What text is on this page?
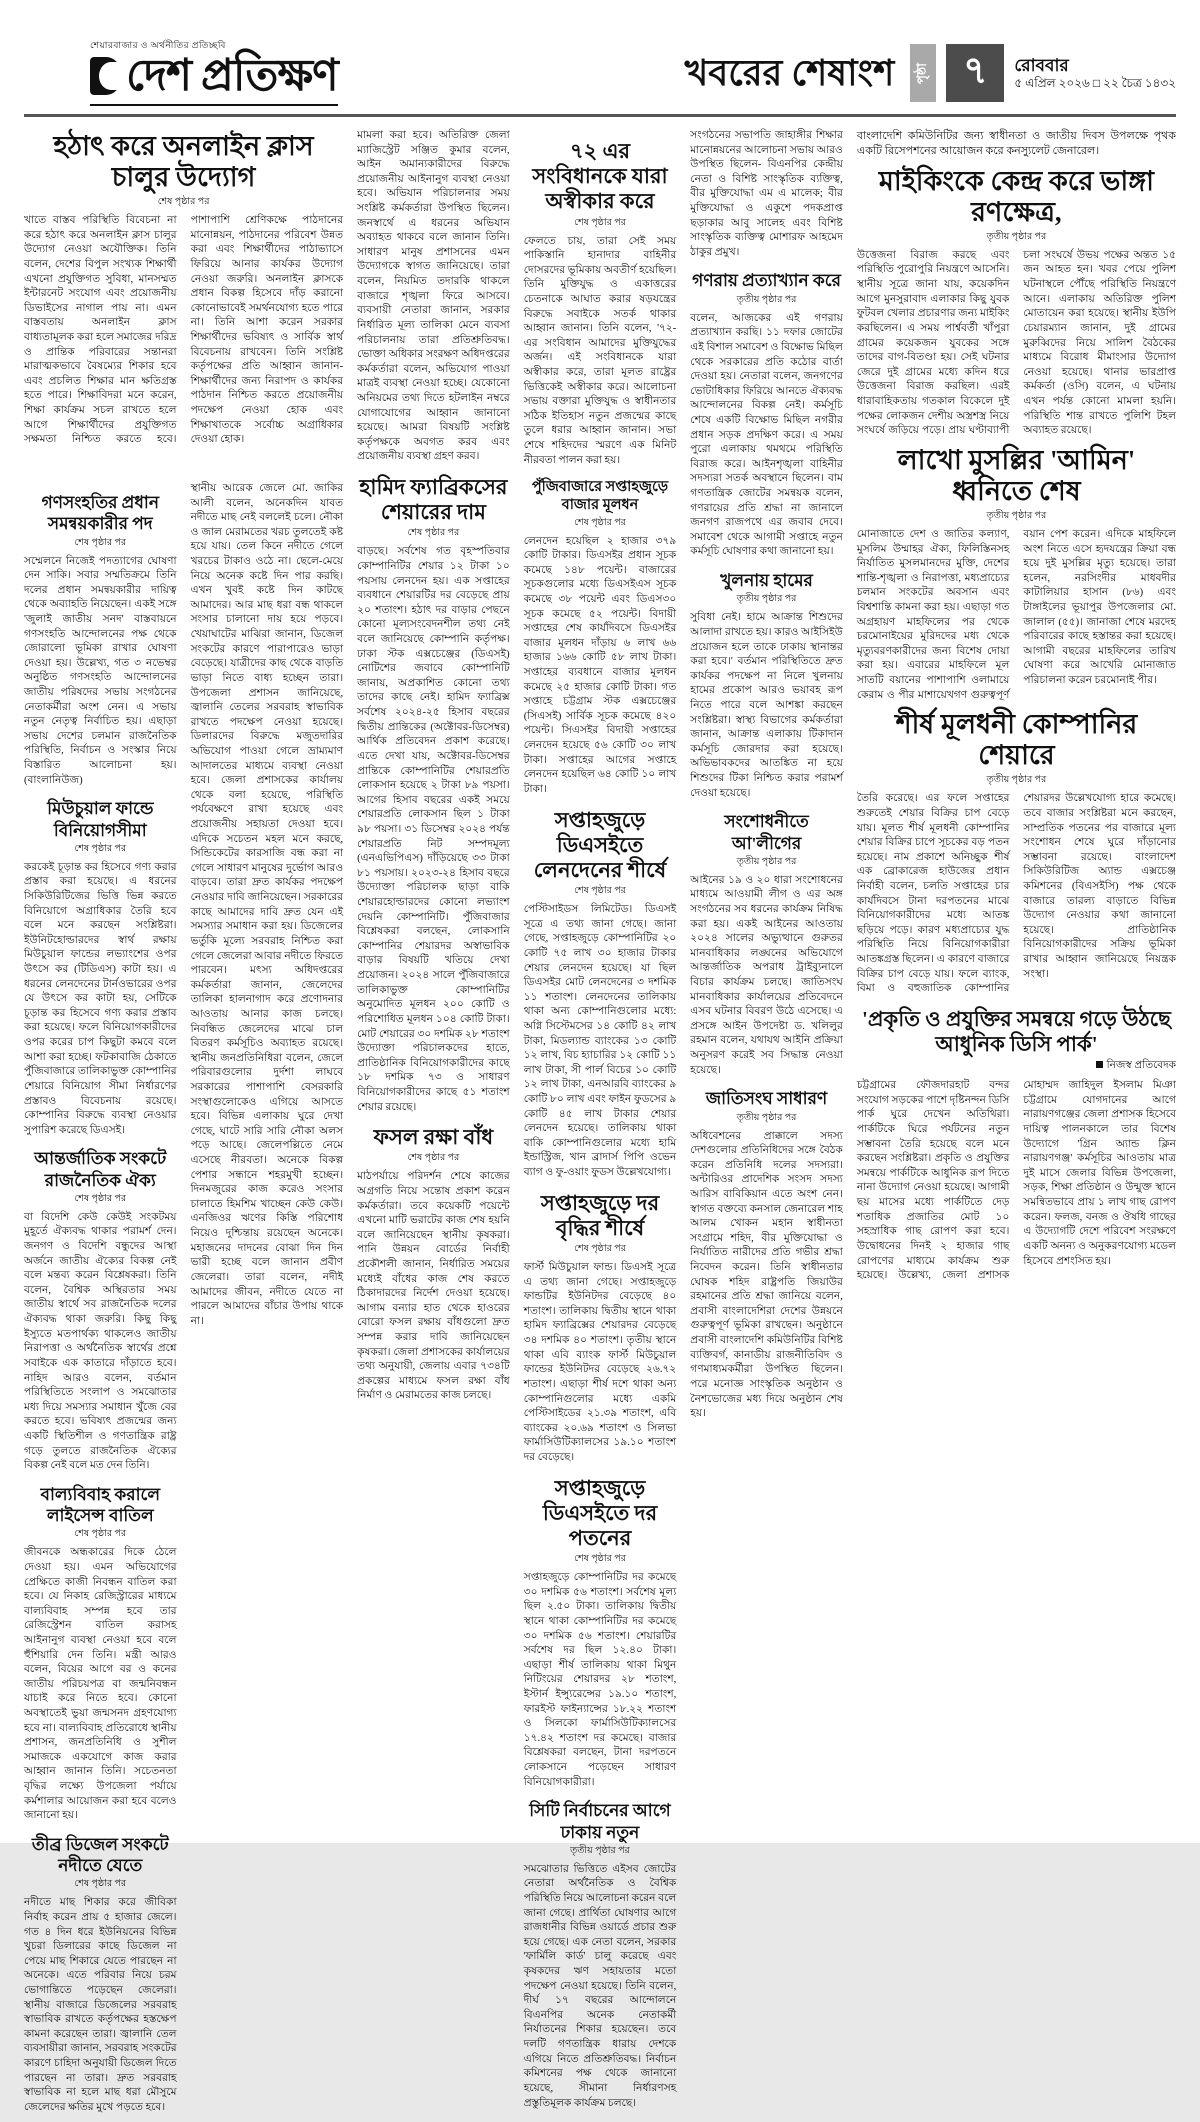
শেয়ারবাজার ও অর্থনীতির প্রতিচ্ছবি
দেশ প্রতিক্ষণ	খবরের শেষাংশ পৃষ্ঠা ৭	রোববার
৫ এপ্রিল ২০২৬ □ ২২ চৈত্র ১৪৩২
হঠাৎ করে অনলাইন ক্লাস চালুর উদ্যোগ
শেষ পৃষ্ঠার পর
খাতে বাস্তব পরিস্থিতি বিবেচনা না করে হঠাৎ করে অনলাইন ক্লাস চালুর উদ্যোগ নেওয়া অযৌক্তিক। তিনি বলেন, দেশের বিপুল সংখ্যক শিক্ষার্থী এখনো প্রযুক্তিগত সুবিধা, মানসম্মত ইন্টারনেট সংযোগ এবং প্রয়োজনীয় ডিভাইসের নাগাল পায় না। এমন বাস্তবতায় অনলাইন ক্লাস বাধ্যতামূলক করা হলে সমাজের দরিদ্র ও প্রান্তিক পরিবারের সন্তানরা মারাত্মকভাবে বৈষম্যের শিকার হবে এবং প্রচলিত শিক্ষার মান ক্ষতিগ্রস্ত হতে পারে। শিক্ষাবিদরা মনে করেন, শিক্ষা কার্যক্রম সচল রাখতে হলে আগে শিক্ষার্থীদের প্রযুক্তিগত সক্ষমতা নিশ্চিত করতে হবে। পাশাপাশি শ্রেণিকক্ষে পাঠদানের মানোন্নয়ন, পাঠদানের পরিবেশ উন্নত করা এবং শিক্ষার্থীদের পাঠাভ্যাসে ফিরিয়ে আনার কার্যকর উদ্যোগ নেওয়া জরুরি। অনলাইন ক্লাসকে প্রধান বিকল্প হিসেবে দাঁড় করানো কোনোভাবেই সমর্থনযোগ্য হতে পারে না। তিনি আশা করেন সরকার শিক্ষার্থীদের ভবিষ্যৎ ও সার্বিক স্বার্থ বিবেচনায় রাখবেন। তিনি সংশ্লিষ্ট কর্তৃপক্ষের প্রতি আহ্বান জানান- শিক্ষার্থীদের জন্য নিরাপদ ও কার্যকর পাঠদান নিশ্চিত করতে প্রয়োজনীয় পদক্ষেপ নেওয়া হোক এবং শিক্ষাখাতকে সর্বোচ্চ অগ্রাধিকার দেওয়া হোক।
গণসংহতির প্রধান সমন্বয়কারীর পদ
শেষ পৃষ্ঠার পর
সম্মেলনে নিজেই পদত্যাগের ঘোষণা দেন সাকি। সবার সম্মতিক্রমে তিনি দলের প্রধান সমন্বয়কারীর দায়িত্ব থেকে অব্যাহতি নিয়েছেন। একই সঙ্গে 'জুলাই জাতীয় সনদ' বাস্তবায়নে গণসংহতি আন্দোলনের পক্ষ থেকে জোরালো ভূমিকা রাখার ঘোষণা দেওয়া হয়। উল্লেখ্য, গত ৩ নভেম্বর অনুষ্ঠিত গণসংহতি আন্দোলনের জাতীয় পরিষদের সভায় সংগঠনের নেতাকর্মীরা অংশ নেন। এ সভায় নতুন নেতৃত্ব নির্বাচিত হয়। এছাড়া সভায় দেশের চলমান রাজনৈতিক পরিস্থিতি, নির্বাচন ও সংস্কার নিয়ে বিস্তারিত আলোচনা হয়। (বাংলানিউজ)
মিউচুয়াল ফান্ডে বিনিয়োগসীমা
শেষ পৃষ্ঠার পর
করকেই চূড়ান্ত কর হিসেবে গণ্য করার প্রস্তাব করা হয়েছে। এ ধরনের সিকিউরিটিজের ভিত্তি ভিন্ন করতে বিনিয়োগে অগ্রাধিকার তৈরি হবে বলে মনে করছেন সংশ্লিষ্টরা। ইউনিটহোল্ডারদের স্বার্থ রক্ষায় মিউচুয়াল ফান্ডের লভ্যাংশের ওপর উৎসে কর (টিডিএস) কাটা হয়। এ ধরনের লেনদেনের টার্নওভারের ওপর যে উৎসে কর কাটা হয়, সেটিকে চূড়ান্ত কর হিসেবে গণ্য করার প্রস্তাব করা হয়েছে। ফলে বিনিয়োগকারীদের ওপর করের চাপ কিছুটা কমবে বলে আশা করা হচ্ছে। ফটকাবাজি ঠেকাতে পুঁজিবাজারে তালিকাভুক্ত কোম্পানির শেয়ারে বিনিয়োগ সীমা নির্ধারণের প্রস্তাবও বিবেচনায় রয়েছে। কোম্পানির বিরুদ্ধে ব্যবস্থা নেওয়ার সুপারিশ করেছে ডিএসই।
আন্তর্জাতিক সংকটে রাজনৈতিক ঐক্য
শেষ পৃষ্ঠার পর
বা বিদেশি কেউ কেউই সংকটময় মুহূর্তে ঐক্যবদ্ধ থাকার পরামর্শ দেন। জনগণ ও বিদেশি বন্ধুদের আস্থা অর্জনে জাতীয় ঐক্যের বিকল্প নেই বলে মন্তব্য করেন বিশ্লেষকরা। তিনি বলেন, বৈশ্বিক অস্থিরতার সময় জাতীয় স্বার্থে সব রাজনৈতিক দলের ঐক্যবদ্ধ থাকা জরুরি। কিছু কিছু ইস্যুতে মতপার্থক্য থাকলেও জাতীয় নিরাপত্তা ও অর্থনৈতিক স্বার্থের প্রশ্নে সবাইকে এক কাতারে দাঁড়াতে হবে। নাহিদ আরও বলেন, বর্তমান পরিস্থিতিতে সংলাপ ও সমঝোতার মধ্য দিয়ে সমস্যার সমাধান খুঁজে বের করতে হবে। ভবিষ্যৎ প্রজন্মের জন্য একটি স্থিতিশীল ও গণতান্ত্রিক রাষ্ট্র গড়ে তুলতে রাজনৈতিক ঐক্যের বিকল্প নেই বলে মত দেন তিনি।
বাল্যবিবাহ করালে লাইসেন্স বাতিল
শেষ পৃষ্ঠার পর
জীবনকে অন্ধকারের দিকে ঠেলে দেওয়া হয়। এমন অভিযোগের প্রেক্ষিতে কাজী নিবন্ধন বাতিল করা হবে। যে নিকাহ রেজিস্ট্রারের মাধ্যমে বাল্যবিবাহ সম্পন্ন হবে তার রেজিস্ট্রেশন বাতিল করাসহ আইনানুগ ব্যবস্থা নেওয়া হবে বলে হুঁশিয়ারি দেন তিনি। মন্ত্রী আরও বলেন, বিয়ের আগে বর ও কনের জাতীয় পরিচয়পত্র বা জন্মনিবন্ধন যাচাই করে নিতে হবে। কোনো অবস্থাতেই ভুয়া জন্মসনদ গ্রহণযোগ্য হবে না। বাল্যবিবাহ প্রতিরোধে স্থানীয় প্রশাসন, জনপ্রতিনিধি ও সুশীল সমাজকে একযোগে কাজ করার আহ্বান জানান তিনি। সচেতনতা বৃদ্ধির লক্ষ্যে উপজেলা পর্যায়ে কর্মশালার আয়োজন করা হবে বলেও জানানো হয়।
তীব্র ডিজেল সংকটে নদীতে যেতে
শেষ পৃষ্ঠার পর
নদীতে মাছ শিকার করে জীবিকা নির্বাহ করেন প্রায় ৫ হাজার জেলে। গত ৪ দিন ধরে ইউনিয়নের বিভিন্ন খুচরা ডিলারের কাছে ডিজেল না পেয়ে মাছ শিকারে যেতে পারছেন না অনেকে। এতে পরিবার নিয়ে চরম ভোগান্তিতে পড়েছেন জেলেরা। স্থানীয় বাজারে ডিজেলের সরবরাহ স্বাভাবিক রাখতে কর্তৃপক্ষের হস্তক্ষেপ কামনা করেছেন তারা। জ্বালানি তেল ব্যবসায়ীরা জানান, সরবরাহ সংকটের কারণে চাহিদা অনুযায়ী ডিজেল দিতে পারছেন না তারা। দ্রুত সরবরাহ স্বাভাবিক না হলে মাছ ধরা মৌসুমে জেলেদের ক্ষতির মুখে পড়তে হবে।
স্থানীয় আরেক জেলে মো. জাকির আলী বলেন, অনেকদিন যাবত নদীতে মাছ নেই বললেই চলে। নৌকা ও জাল মেরামতের খরচ তুলতেই কষ্ট হয়ে যায়। তেল কিনে নদীতে গেলে খরচের টাকাও ওঠে না। ছেলে-মেয়ে নিয়ে অনেক কষ্টে দিন পার করছি। এখন খুবই কষ্টে দিন কাটছে আমাদের। আর মাছ ধরা বন্ধ থাকলে সংসার চালানো দায় হয়ে পড়বে। খেয়াঘাটের মাঝিরা জানান, ডিজেল সংকটের কারণে পারাপারেও ভাড়া বেড়েছে। যাত্রীদের কাছ থেকে বাড়তি ভাড়া নিতে বাধ্য হচ্ছেন তারা। উপজেলা প্রশাসন জানিয়েছে, জ্বালানি তেলের সরবরাহ স্বাভাবিক রাখতে পদক্ষেপ নেওয়া হয়েছে। ডিলারদের বিরুদ্ধে মজুতদারির অভিযোগ পাওয়া গেলে ভ্রাম্যমাণ আদালতের মাধ্যমে ব্যবস্থা নেওয়া হবে। জেলা প্রশাসকের কার্যালয় থেকে বলা হয়েছে, পরিস্থিতি পর্যবেক্ষণে রাখা হয়েছে এবং প্রয়োজনীয় সহায়তা দেওয়া হবে। এদিকে সচেতন মহল মনে করছে, সিন্ডিকেটের কারসাজি বন্ধ করা না গেলে সাধারণ মানুষের দুর্ভোগ আরও বাড়বে। তারা দ্রুত কার্যকর পদক্ষেপ নেওয়ার দাবি জানিয়েছেন। সরকারের কাছে আমাদের দাবি দ্রুত যেন এই সমস্যার সমাধান করা হয়। ডিজেলের ভর্তুকি মূল্যে সরবরাহ নিশ্চিত করা গেলে জেলেরা আবার নদীতে ফিরতে পারবেন। মৎস্য অধিদপ্তরের কর্মকর্তারা জানান, জেলেদের তালিকা হালনাগাদ করে প্রণোদনার আওতায় আনার কাজ চলছে। নিবন্ধিত জেলেদের মাঝে চাল বিতরণ কর্মসূচিও অব্যাহত রয়েছে। স্থানীয় জনপ্রতিনিধিরা বলেন, জেলে পরিবারগুলোর দুর্দশা লাঘবে সরকারের পাশাপাশি বেসরকারি সংস্থাগুলোকেও এগিয়ে আসতে হবে। বিভিন্ন এলাকায় ঘুরে দেখা গেছে, ঘাটে সারি সারি নৌকা অলস পড়ে আছে। জেলেপল্লিতে নেমে এসেছে নীরবতা। অনেকে বিকল্প পেশার সন্ধানে শহরমুখী হচ্ছেন। দিনমজুরের কাজ করেও সংসার চালাতে হিমশিম খাচ্ছেন কেউ কেউ। এনজিওর ঋণের কিস্তি পরিশোধ নিয়েও দুশ্চিন্তায় রয়েছেন অনেকে। মহাজনের দাদনের বোঝা দিন দিন ভারী হচ্ছে বলে জানান প্রবীণ জেলেরা। তারা বলেন, নদীই আমাদের জীবন, নদীতে যেতে না পারলে আমাদের বাঁচার উপায় থাকে না।
মামলা করা হবে। অতিরিক্ত জেলা ম্যাজিস্ট্রেট সঞ্জিত কুমার বলেন, আইন অমান্যকারীদের বিরুদ্ধে প্রয়োজনীয় আইনানুগ ব্যবস্থা নেওয়া হবে। অভিযান পরিচালনার সময় সংশ্লিষ্ট কর্মকর্তারা উপস্থিত ছিলেন। জনস্বার্থে এ ধরনের অভিযান অব্যাহত থাকবে বলে জানান তিনি। সাধারণ মানুষ প্রশাসনের এমন উদ্যোগকে স্বাগত জানিয়েছে। তারা বলেন, নিয়মিত তদারকি থাকলে বাজারে শৃঙ্খলা ফিরে আসবে। ব্যবসায়ী নেতারা জানান, সরকার নির্ধারিত মূল্য তালিকা মেনে ব্যবসা পরিচালনায় তারা প্রতিশ্রুতিবদ্ধ। ভোক্তা অধিকার সংরক্ষণ অধিদপ্তরের কর্মকর্তারা বলেন, অভিযোগ পাওয়া মাত্রই ব্যবস্থা নেওয়া হচ্ছে। যেকোনো অনিয়মের তথ্য দিতে হটলাইন নম্বরে যোগাযোগের আহ্বান জানানো হয়েছে। আমরা বিষয়টি সংশ্লিষ্ট কর্তৃপক্ষকে অবগত করব এবং প্রয়োজনীয় ব্যবস্থা গ্রহণ করব।
হামিদ ফ্যাব্রিকসের শেয়ারের দাম
শেষ পৃষ্ঠার পর
বাড়ছে। সর্বশেষ গত বৃহস্পতিবার কোম্পানিটির শেয়ার ১২ টাকা ১০ পয়সায় লেনদেন হয়। এক সপ্তাহের ব্যবধানে শেয়ারটির দর বেড়েছে প্রায় ২০ শতাংশ। হঠাৎ দর বাড়ার পেছনে কোনো মূল্যসংবেদনশীল তথ্য নেই বলে জানিয়েছে কোম্পানি কর্তৃপক্ষ। ঢাকা স্টক এক্সচেঞ্জের (ডিএসই) নোটিশের জবাবে কোম্পানিটি জানায়, অপ্রকাশিত কোনো তথ্য তাদের কাছে নেই। হামিদ ফ্যাব্রিক্স সর্বশেষ ২০২৪-২৫ হিসাব বছরের দ্বিতীয় প্রান্তিকের (অক্টোবর-ডিসেম্বর) আর্থিক প্রতিবেদন প্রকাশ করেছে। এতে দেখা যায়, অক্টোবর-ডিসেম্বর প্রান্তিকে কোম্পানিটির শেয়ারপ্রতি লোকসান হয়েছে ২ টাকা ৮৯ পয়সা। আগের হিসাব বছরের একই সময়ে শেয়ারপ্রতি লোকসান ছিল ১ টাকা ৯৮ পয়সা। ৩১ ডিসেম্বর ২০২৪ পর্যন্ত শেয়ারপ্রতি নিট সম্পদমূল্য (এনএভিপিএস) দাঁড়িয়েছে ৩৩ টাকা ৮১ পয়সায়। ২০২৩-২৪ হিসাব বছরে উদ্যোক্তা পরিচালক ছাড়া বাকি শেয়ারহোল্ডারদের কোনো লভ্যাংশ দেয়নি কোম্পানিটি। পুঁজিবাজার বিশ্লেষকরা বলছেন, লোকসানি কোম্পানির শেয়ারদর অস্বাভাবিক বাড়ার বিষয়টি খতিয়ে দেখা প্রয়োজন। ২০২৪ সালে পুঁজিবাজারে তালিকাভুক্ত কোম্পানিটির অনুমোদিত মূলধন ২০০ কোটি ও পরিশোধিত মূলধন ১০৪ কোটি টাকা। মোট শেয়ারের ৩০ দশমিক ২৮ শতাংশ উদ্যোক্তা পরিচালকদের হাতে, প্রাতিষ্ঠানিক বিনিয়োগকারীদের কাছে ১৮ দশমিক ৭৩ ও সাধারণ বিনিয়োগকারীদের কাছে ৫১ শতাংশ শেয়ার রয়েছে।
ফসল রক্ষা বাঁধ
শেষ পৃষ্ঠার পর
মাঠপর্যায়ে পরিদর্শন শেষে কাজের অগ্রগতি নিয়ে সন্তোষ প্রকাশ করেন কর্মকর্তারা। তবে কয়েকটি পয়েন্টে এখনো মাটি ভরাটের কাজ শেষ হয়নি বলে জানিয়েছেন স্থানীয় কৃষকরা। পানি উন্নয়ন বোর্ডের নির্বাহী প্রকৌশলী জানান, নির্ধারিত সময়ের মধ্যেই বাঁধের কাজ শেষ করতে ঠিকাদারদের নির্দেশ দেওয়া হয়েছে। আগাম বন্যার হাত থেকে হাওরের বোরো ফসল রক্ষায় বাঁধগুলো দ্রুত সম্পন্ন করার দাবি জানিয়েছেন কৃষকরা। জেলা প্রশাসকের কার্যালয়ের তথ্য অনুযায়ী, জেলায় এবার ৭৩৪টি প্রকল্পের মাধ্যমে ফসল রক্ষা বাঁধ নির্মাণ ও মেরামতের কাজ চলছে।
৭২ এর সংবিধানকে যারা অস্বীকার করে
শেষ পৃষ্ঠার পর
ফেলতে চায়, তারা সেই সময় পাকিস্তানি হানাদার বাহিনীর দোসরদের ভূমিকায় অবতীর্ণ হয়েছিল। তিনি মুক্তিযুদ্ধ ও একাত্তরের চেতনাকে আঘাত করার ষড়যন্ত্রের বিরুদ্ধে সবাইকে সতর্ক থাকার আহ্বান জানান। তিনি বলেন, '৭২-এর সংবিধান আমাদের মুক্তিযুদ্ধের অর্জন। এই সংবিধানকে যারা অস্বীকার করে, তারা মূলত রাষ্ট্রের ভিত্তিকেই অস্বীকার করে। আলোচনা সভায় বক্তারা মুক্তিযুদ্ধ ও স্বাধীনতার সঠিক ইতিহাস নতুন প্রজন্মের কাছে তুলে ধরার আহ্বান জানান। সভা শেষে শহিদদের স্মরণে এক মিনিট নীরবতা পালন করা হয়।
পুঁজিবাজারে সপ্তাহজুড়ে বাজার মূলধন
শেষ পৃষ্ঠার পর
লেনদেন হয়েছিল ২ হাজার ৩৭৯ কোটি টাকার। ডিএসইর প্রধান সূচক কমেছে ১৪৮ পয়েন্ট। বাজারের সূচকগুলোর মধ্যে ডিএসইএস সূচক কমেছে ৩৮ পয়েন্ট এবং ডিএস৩০ সূচক কমেছে ৫২ পয়েন্ট। বিদায়ী সপ্তাহের শেষ কার্যদিবসে ডিএসইর বাজার মূলধন দাঁড়ায় ৬ লাখ ৬৬ হাজার ১৬৬ কোটি ৫৮ লাখ টাকা। সপ্তাহের ব্যবধানে বাজার মূলধন কমেছে ২৫ হাজার কোটি টাকা। গত সপ্তাহে চট্টগ্রাম স্টক এক্সচেঞ্জের (সিএসই) সার্বিক সূচক কমেছে ৪২০ পয়েন্ট। সিএসইর বিদায়ী সপ্তাহের লেনদেন হয়েছে ৫৬ কোটি ৩০ লাখ টাকা। সপ্তাহের আগের সপ্তাহে লেনদেন হয়েছিল ৬৪ কোটি ১০ লাখ টাকা।
সপ্তাহজুড়ে ডিএসইতে লেনদেনের শীর্ষে
শেষ পৃষ্ঠার পর
পেস্টিসাইডস লিমিটেড। ডিএসই সূত্রে এ তথ্য জানা গেছে। জানা গেছে, সপ্তাহজুড়ে কোম্পানিটির ২০ কোটি ৭৫ লাখ ৩০ হাজার টাকার শেয়ার লেনদেন হয়েছে। যা ছিল ডিএসইর মোট লেনদেনের ৩ দশমিক ১১ শতাংশ। লেনদেনের তালিকায় থাকা অন্য কোম্পানিগুলোর মধ্যে: অগ্নি সিস্টেমসের ১৪ কোটি ৪২ লাখ টাকা, মিডল্যান্ড ব্যাংকের ১৩ কোটি ১২ লাখ, বিচ হ্যাচারির ১২ কোটি ১১ লাখ টাকা, সী পার্ল বিচের ১০ কোটি ১২ লাখ টাকা, এনআরবি ব্যাংকের ৯ কোটি ৮০ লাখ এবং ফাইন ফুডসের ৯ কোটি ৪৫ লাখ টাকার শেয়ার লেনদেন হয়েছে। তালিকায় থাকা বাকি কোম্পানিগুলোর মধ্যে হামি ইন্ডাস্ট্রিজ, খান ব্রাদার্স পিপি ওভেন ব্যাগ ও ফু-ওয়াং ফুডস উল্লেখযোগ্য।
সপ্তাহজুড়ে দর বৃদ্ধির শীর্ষে
শেষ পৃষ্ঠার পর
ফার্স্ট মিউচুয়াল ফান্ড। ডিএসই সূত্রে এ তথ্য জানা গেছে। সপ্তাহজুড়ে ফান্ডটির ইউনিটদর বেড়েছে ৪০ শতাংশ। তালিকায় দ্বিতীয় স্থানে থাকা হামিদ ফ্যাব্রিক্সের শেয়ারদর বেড়েছে ৩৪ দশমিক ৪০ শতাংশ। তৃতীয় স্থানে থাকা এবি ব্যাংক ফার্স্ট মিউচুয়াল ফান্ডের ইউনিটদর বেড়েছে ২৬.৭২ শতাংশ। এছাড়া শীর্ষ দশে থাকা অন্য কোম্পানিগুলোর মধ্যে একমি পেস্টিসাইডের ২১.৩৯ শতাংশ, এবি ব্যাংকের ২০.৬৯ শতাংশ ও সিলভা ফার্মাসিউটিক্যালসের ১৯.১০ শতাংশ দর বেড়েছে।
সপ্তাহজুড়ে ডিএসইতে দর পতনের
শেষ পৃষ্ঠার পর
সপ্তাহজুড়ে কোম্পানিটির দর কমেছে ৩০ দশমিক ৫৬ শতাংশ। সর্বশেষ মূল্য ছিল ২.৫০ টাকা। তালিকায় দ্বিতীয় স্থানে থাকা কোম্পানিটির দর কমেছে ৩০ দশমিক ৫৬ শতাংশ। শেয়ারটির সর্বশেষ দর ছিল ১২.৪০ টাকা। এছাড়া শীর্ষ তালিকায় থাকা মিথুন নিটিংয়ের শেয়ারদর ২৮ শতাংশ, ইস্টার্ন ইন্স্যুরেন্সের ১৯.১০ শতাংশ, ফারইস্ট ফাইন্যান্সের ১৮.২২ শতাংশ ও সিলকো ফার্মাসিউটিক্যালসের ১৭.৪২ শতাংশ দর কমেছে। বাজার বিশ্লেষকরা বলছেন, টানা দরপতনে লোকসানে পড়েছেন সাধারণ বিনিয়োগকারীরা।
সিটি নির্বাচনের আগে ঢাকায় নতুন
তৃতীয় পৃষ্ঠার পর
সমঝোতার ভিত্তিতে এইসব জোটের নেতারা অর্থনৈতিক ও বৈশ্বিক পরিস্থিতি নিয়ে আলোচনা করেন বলে জানা গেছে। প্রার্থিতা ঘোষণার আগে রাজধানীর বিভিন্ন ওয়ার্ডে প্রচার শুরু হয়ে গেছে। এক নেতা বলেন, সরকার 'ফার্মিলি কার্ড' চালু করেছে এবং কৃষকদের ঋণ সহায়তার মতো পদক্ষেপ নেওয়া হয়েছে। তিনি বলেন, দীর্ঘ ১৭ বছরের আন্দোলনে বিএনপির অনেক নেতাকর্মী নির্যাতনের শিকার হয়েছেন। তবে দলটি গণতান্ত্রিক ধারায় দেশকে এগিয়ে নিতে প্রতিশ্রুতিবদ্ধ। নির্বাচন কমিশনের পক্ষ থেকে জানানো হয়েছে, সীমানা নির্ধারণসহ প্রস্তুতিমূলক কার্যক্রম চলছে।
সংগঠনের সভাপতি জাহাঙ্গীর শিক্ষার মানোন্নয়নের আলোচনা সভায় আরও উপস্থিত ছিলেন- বিএনপির কেন্দ্রীয় নেতা ও বিশিষ্ট সাংস্কৃতিক ব্যক্তিত্ব, বীর মুক্তিযোদ্ধা এম এ মালেক; বীর মুক্তিযোদ্ধা ও একুশে পদকপ্রাপ্ত ছড়াকার আবু সালেহ এবং বিশিষ্ট সাংস্কৃতিক ব্যক্তিত্ব মোশারফ আহমেদ ঠাকুর প্রমুখ।
গণরায় প্রত্যাখ্যান করে
তৃতীয় পৃষ্ঠার পর
বলেন, আজকের এই গণরায় প্রত্যাখ্যান করছি। ১১ দফার জোটের এই বিশাল সমাবেশ ও বিক্ষোভ মিছিল থেকে সরকারের প্রতি কঠোর বার্তা দেওয়া হয়। নেতারা বলেন, জনগণের ভোটাধিকার ফিরিয়ে আনতে ঐক্যবদ্ধ আন্দোলনের বিকল্প নেই। কর্মসূচি শেষে একটি বিক্ষোভ মিছিল নগরীর প্রধান সড়ক প্রদক্ষিণ করে। এ সময় পুরো এলাকায় থমথমে পরিস্থিতি বিরাজ করে। আইনশৃঙ্খলা বাহিনীর সদস্যরা সতর্ক অবস্থানে ছিলেন। বাম গণতান্ত্রিক জোটের সমন্বয়ক বলেন, গণরায়ের প্রতি শ্রদ্ধা না জানালে জনগণ রাজপথে এর জবাব দেবে। সমাবেশ থেকে আগামী সপ্তাহে নতুন কর্মসূচি ঘোষণার কথা জানানো হয়।
খুলনায় হামের
তৃতীয় পৃষ্ঠার পর
সুবিধা নেই। হামে আক্রান্ত শিশুদের আলাদা রাখতে হয়। কারও আইসিইউ প্রয়োজন হলে তাকে ঢাকায় স্থানান্তর করা হবে।' বর্তমান পরিস্থিতিতে দ্রুত কার্যকর পদক্ষেপ না নিলে খুলনায় হামের প্রকোপ আরও ভয়াবহ রূপ নিতে পারে বলে আশঙ্কা করছেন সংশ্লিষ্টরা। স্বাস্থ্য বিভাগের কর্মকর্তারা জানান, আক্রান্ত এলাকায় টিকাদান কর্মসূচি জোরদার করা হয়েছে। অভিভাবকদের আতঙ্কিত না হয়ে শিশুদের টিকা নিশ্চিত করার পরামর্শ দেওয়া হয়েছে।
সংশোধনীতে আ'লীগের
তৃতীয় পৃষ্ঠার পর
আইনের ১৯ ও ২০ ধারা সংশোধনের মাধ্যমে আওয়ামী লীগ ও এর অঙ্গ সংগঠনের সব ধরনের কার্যক্রম নিষিদ্ধ করা হয়। একই আইনের আওতায় ২০২৪ সালের অভ্যুত্থানে গুরুতর মানবাধিকার লঙ্ঘনের অভিযোগে আন্তর্জাতিক অপরাধ ট্রাইব্যুনালে বিচার কার্যক্রম চলছে। জাতিসংঘ মানবাধিকার কার্যালয়ের প্রতিবেদনে এসব ঘটনার বিবরণ উঠে এসেছে। এ প্রসঙ্গে আইন উপদেষ্টা ড. খলিলুর রহমান বলেন, যথাযথ আইনি প্রক্রিয়া অনুসরণ করেই সব সিদ্ধান্ত নেওয়া হয়েছে।
জাতিসংঘ সাধারণ
তৃতীয় পৃষ্ঠার পর
অধিবেশনের প্রাক্কালে সদস্য দেশগুলোর প্রতিনিধিদের সঙ্গে বৈঠক করেন প্রতিনিধি দলের সদস্যরা। অন্টারিওর প্রাদেশিক সংসদ সদস্য আরিস বাবিকিয়ান এতে অংশ নেন। স্বাগত বক্তব্যে কনসাল জেনারেল শাহ আলম খোকন মহান স্বাধীনতা সংগ্রামে শহিদ, বীর মুক্তিযোদ্ধা ও নির্যাতিত নারীদের প্রতি গভীর শ্রদ্ধা নিবেদন করেন। তিনি স্বাধীনতার ঘোষক শহিদ রাষ্ট্রপতি জিয়াউর রহমানের প্রতি শ্রদ্ধা জানিয়ে বলেন, প্রবাসী বাংলাদেশিরা দেশের উন্নয়নে গুরুত্বপূর্ণ ভূমিকা রাখছেন। অনুষ্ঠানে প্রবাসী বাংলাদেশি কমিউনিটির বিশিষ্ট ব্যক্তিবর্গ, কানাডীয় রাজনীতিবিদ ও গণমাধ্যমকর্মীরা উপস্থিত ছিলেন। পরে মনোজ্ঞ সাংস্কৃতিক অনুষ্ঠান ও নৈশভোজের মধ্য দিয়ে অনুষ্ঠান শেষ হয়।
বাংলাদেশি কমিউনিটির জন্য স্বাধীনতা ও জাতীয় দিবস উপলক্ষে পৃথক একটি রিসেপশনের আয়োজন করে কনস্যুলেট জেনারেল।
মাইকিংকে কেন্দ্র করে ভাঙ্গা রণক্ষেত্র,
তৃতীয় পৃষ্ঠার পর
উত্তেজনা বিরাজ করছে এবং পরিস্থিতি পুরোপুরি নিয়ন্ত্রণে আসেনি। স্থানীয় সূত্রে জানা যায়, কয়েকদিন আগে মুনসুরাবাদ এলাকার কিছু যুবক ফুটবল খেলার প্রচারণার জন্য মাইকিং করছিলেন। এ সময় পার্শ্ববর্তী খাঁপুরা গ্রামের কয়েকজন যুবকের সঙ্গে তাদের বাগ-বিতণ্ডা হয়। সেই ঘটনার জেরে দুই গ্রামের মধ্যে কদিন ধরে উত্তেজনা বিরাজ করছিল। এরই ধারাবাহিকতায় গতকাল বিকেলে দুই পক্ষের লোকজন দেশীয় অস্ত্রশস্ত্র নিয়ে সংঘর্ষে জড়িয়ে পড়ে। প্রায় ঘণ্টাব্যাপী চলা সংঘর্ষে উভয় পক্ষের অন্তত ১৫ জন আহত হন। খবর পেয়ে পুলিশ ঘটনাস্থলে পৌঁছে পরিস্থিতি নিয়ন্ত্রণে আনে। এলাকায় অতিরিক্ত পুলিশ মোতায়েন করা হয়েছে। স্থানীয় ইউপি চেয়ারম্যান জানান, দুই গ্রামের মুরুব্বিদের নিয়ে সালিশ বৈঠকের মাধ্যমে বিরোধ মীমাংসার উদ্যোগ নেওয়া হয়েছে। থানার ভারপ্রাপ্ত কর্মকর্তা (ওসি) বলেন, এ ঘটনায় এখন পর্যন্ত কোনো মামলা হয়নি। পরিস্থিতি শান্ত রাখতে পুলিশি টহল অব্যাহত রয়েছে।
লাখো মুসল্লির 'আমিন' ধ্বনিতে শেষ
তৃতীয় পৃষ্ঠার পর
মোনাজাতে দেশ ও জাতির কল্যাণ, মুসলিম উম্মাহর ঐক্য, ফিলিস্তিনসহ নির্যাতিত মুসলমানদের মুক্তি, দেশের শান্তি-শৃঙ্খলা ও নিরাপত্তা, মধ্যপ্রাচ্যের চলমান সংকটের অবসান এবং বিশ্বশান্তি কামনা করা হয়। এছাড়া গত অগ্রহায়ণ মাহফিলের পর থেকে চরমোনাইয়ের মুরিদদের মধ্য থেকে মৃত্যুবরণকারীদের জন্য বিশেষ দোয়া করা হয়। এবারের মাহফিলে মূল সাতটি বয়ানের পাশাপাশি ওলামায়ে কেরাম ও পীর মাশায়েখগণ গুরুত্বপূর্ণ বয়ান পেশ করেন। এদিকে মাহফিলে অংশ নিতে এসে হৃদযন্ত্রের ক্রিয়া বন্ধ হয়ে দুই মুসল্লির মৃত্যু হয়েছে। তারা হলেন, নরসিংদীর মাধবদীর কাটালিয়ার হাসান (৮৬) এবং টাঙ্গাইলের ভূয়াপুর উপজেলার মো. জালাল (৫৫)। জানাজা শেষে মরদেহ পরিবারের কাছে হস্তান্তর করা হয়েছে। আগামী বছরের মাহফিলের তারিখ ঘোষণা করে আখেরি মোনাজাত পরিচালনা করেন চরমোনাই পীর।
শীর্ষ মূলধনী কোম্পানির শেয়ারে
তৃতীয় পৃষ্ঠার পর
তৈরি করেছে। এর ফলে সপ্তাহের শুরুতেই শেয়ার বিক্রির চাপ বেড়ে যায়। মূলত শীর্ষ মূলধনী কোম্পানির শেয়ার বিক্রির চাপে সূচকের বড় পতন হয়েছে। নাম প্রকাশে অনিচ্ছুক শীর্ষ এক ব্রোকারেজ হাউজের প্রধান নির্বাহী বলেন, চলতি সপ্তাহের চার কার্যদিবসে টানা দরপতনের মাঝে বিনিয়োগকারীদের মধ্যে আতঙ্ক ছড়িয়ে পড়ে। কারণ মধ্যপ্রাচ্যের যুদ্ধ পরিস্থিতি নিয়ে বিনিয়োগকারীরা আতঙ্কগ্রস্ত ছিলেন। এ কারণে বাজারে বিক্রির চাপ বেড়ে যায়। ফলে ব্যাংক, বিমা ও বহুজাতিক কোম্পানির শেয়ারদর উল্লেখযোগ্য হারে কমেছে। তবে বাজার সংশ্লিষ্টরা মনে করছেন, সাম্প্রতিক পতনের পর বাজারে মূল্য সংশোধন শেষে ঘুরে দাঁড়ানোর সম্ভাবনা রয়েছে। বাংলাদেশ সিকিউরিটিজ অ্যান্ড এক্সচেঞ্জ কমিশনের (বিএসইসি) পক্ষ থেকে বাজারে তারল্য বাড়াতে বিভিন্ন উদ্যোগ নেওয়ার কথা জানানো হয়েছে। প্রাতিষ্ঠানিক বিনিয়োগকারীদের সক্রিয় ভূমিকা রাখার আহ্বান জানিয়েছে নিয়ন্ত্রক সংস্থা।
'প্রকৃতি ও প্রযুক্তির সমন্বয়ে গড়ে উঠছে আধুনিক ডিসি পার্ক'
নিজস্ব প্রতিবেদক
চট্টগ্রামের ফৌজদারহাট বন্দর সংযোগ সড়কের পাশে দৃষ্টিনন্দন ডিসি পার্ক ঘুরে দেখেন অতিথিরা। পার্কটিকে ঘিরে পর্যটনের নতুন সম্ভাবনা তৈরি হয়েছে বলে মনে করছেন সংশ্লিষ্টরা। প্রকৃতি ও প্রযুক্তির সমন্বয়ে পার্কটিকে আধুনিক রূপ দিতে নানা উদ্যোগ নেওয়া হয়েছে। আগামী ছয় মাসের মধ্যে পার্কটিতে দেড় শতাধিক প্রজাতির মোট ১০ সহস্রাধিক গাছ রোপণ করা হবে। উদ্বোধনের দিনই ২ হাজার গাছ রোপণের মাধ্যমে কার্যক্রম শুরু হয়েছে। উল্লেখ্য, জেলা প্রশাসক মোহাম্মদ জাহিদুল ইসলাম মিঞা চট্টগ্রামে যোগদানের আগে নারায়ণগঞ্জের জেলা প্রশাসক হিসেবে দায়িত্ব পালনকালে তার বিশেষ উদ্যোগে 'গ্রিন অ্যান্ড ক্লিন নারায়ণগঞ্জ' কর্মসূচির আওতায় মাত্র দুই মাসে জেলার বিভিন্ন উপজেলা, সড়ক, শিক্ষা প্রতিষ্ঠান ও উন্মুক্ত স্থানে সমন্বিতভাবে প্রায় ১ লাখ গাছ রোপণ করেন। ফলজ, বনজ ও ঔষধি গাছের এ উদ্যোগটি দেশে পরিবেশ সংরক্ষণে একটি অনন্য ও অনুকরণযোগ্য মডেল হিসেবে প্রশংসিত হয়।
